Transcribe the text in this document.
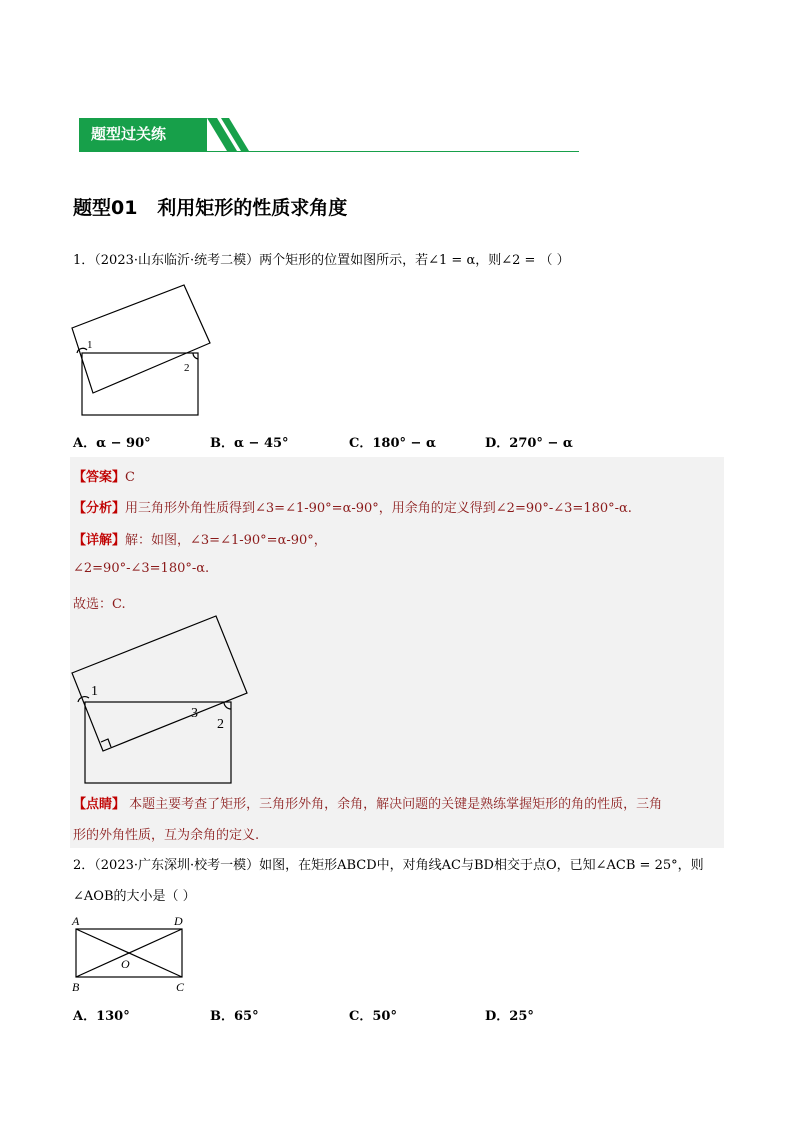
题型过关练
题型01   利用矩形的性质求角度
1．（2023·山东临沂·统考二模）两个矩形的位置如图所示，若∠1 = α，则∠2 = （ ）
1
2
A．α − 90°	B．α − 45°	C．180° − α	D．270° − α
【答案】C
【分析】用三角形外角性质得到∠3=∠1-90°=α-90°，用余角的定义得到∠2=90°-∠3=180°-α.
【详解】解：如图，∠3=∠1-90°=α-90°，
∠2=90°-∠3=180°-α.
故选：C.
1
3
2
【点睛】 本题主要考查了矩形，三角形外角，余角，解决问题的关键是熟练掌握矩形的角的性质，三角
形的外角性质，互为余角的定义.
2．（2023·广东深圳·校考一模）如图，在矩形ABCD中，对角线AC与BD相交于点O，已知∠ACB = 25°，则
∠AOB的大小是（ ）
A	D
B	C
O
A．130°	B．65°	C．50°	D．25°
